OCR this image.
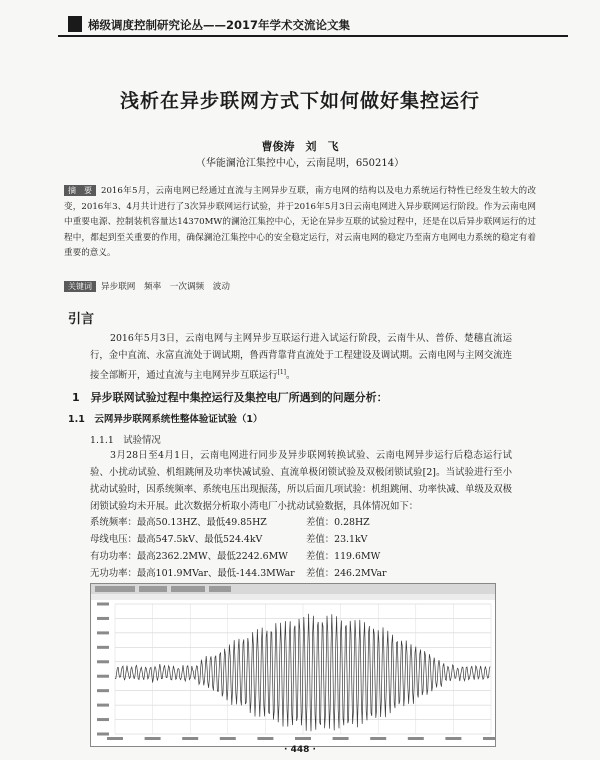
梯级调度控制研究论丛——2017年学术交流论文集
浅析在异步联网方式下如何做好集控运行
曹俊涛　刘　飞
（华能澜沧江集控中心，云南昆明，650214）
摘　要 2016年5月，云南电网已经通过直流与主网异步互联，南方电网的结构以及电力系统运行特性已经发生较大的改变，2016年3、4月共计进行了3次异步联网运行试验，并于2016年5月3日云南电网进入异步联网运行阶段。作为云南电网中重要电源、控制装机容量达14370MW的澜沧江集控中心，无论在异步互联的试验过程中，还是在以后异步联网运行的过程中，都起到至关重要的作用，确保澜沧江集控中心的安全稳定运行，对云南电网的稳定乃至南方电网电力系统的稳定有着重要的意义。
关键词 异步联网　频率　一次调频　波动
引言
2016年5月3日，云南电网与主网异步互联运行进入试运行阶段，云南牛从、普侨、楚穗直流运行，金中直流、永富直流处于调试期，鲁西背靠背直流处于工程建设及调试期。云南电网与主网交流连接全部断开，通过直流与主电网异步互联运行[1]。
1　异步联网试验过程中集控运行及集控电厂所遇到的问题分析：
1.1　云网异步联网系统性整体验证试验（1）
1.1.1　试验情况
3月28日至4月1日，云南电网进行同步及异步联网转换试验、云南电网异步运行后稳态运行试验、小扰动试验、机组跳闸及功率快减试验、直流单极闭锁试验及双极闭锁试验[2]。当试验进行至小扰动试验时，因系统频率、系统电压出现振荡，所以后面几项试验：机组跳闸、功率快减、单级及双极闭锁试验均未开展。此次数据分析取小湾电厂小扰动试验数据，具体情况如下：
系统频率：最高50.13HZ、最低49.85HZ	差值：0.28HZ
母线电压：最高547.5kV、最低524.4kV	差值：23.1kV
有功功率：最高2362.2MW、最低2242.6MW 差值：119.6MW
无功功率：最高101.9MVar、最低-144.3MWar 差值：246.2MVar
· 448 ·
